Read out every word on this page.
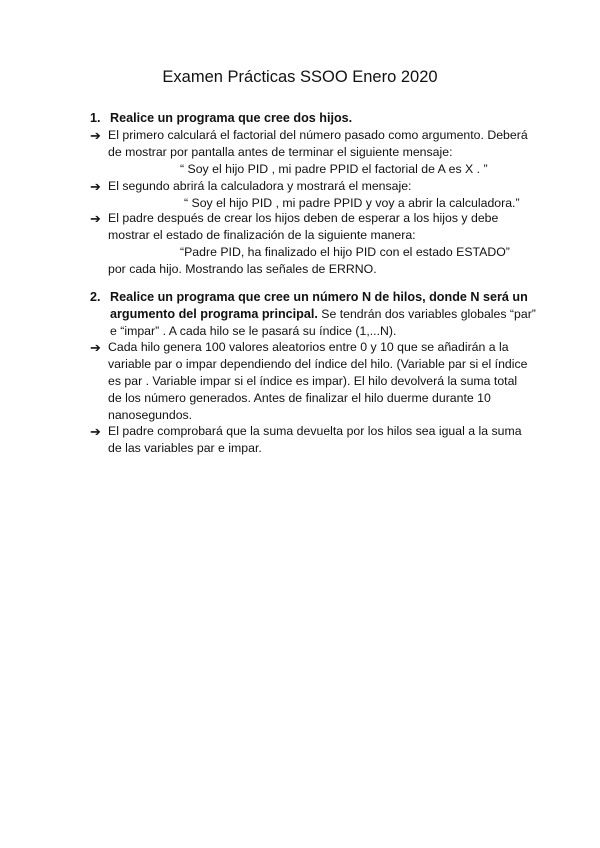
Examen Prácticas SSOO Enero 2020
1. Realice un programa que cree dos hijos.
➔ El primero calculará el factorial del número pasado como argumento. Deberá
de mostrar por pantalla antes de terminar el siguiente mensaje:
“ Soy el hijo PID , mi padre PPID el factorial de A es X . ”
➔ El segundo abrirá la calculadora y mostrará el mensaje:
“ Soy el hijo PID , mi padre PPID y voy a abrir la calculadora.”
➔ El padre después de crear los hijos deben de esperar a los hijos y debe
mostrar el estado de finalización de la siguiente manera:
“Padre PID, ha finalizado el hijo PID con el estado ESTADO”
por cada hijo. Mostrando las señales de ERRNO.
2. Realice un programa que cree un número N de hilos, donde N será un
argumento del programa principal. Se tendrán dos variables globales “par”
e “impar” . A cada hilo se le pasará su índice (1,...N).
➔ Cada hilo genera 100 valores aleatorios entre 0 y 10 que se añadirán a la
variable par o impar dependiendo del índice del hilo. (Variable par si el índice
es par . Variable impar si el índice es impar). El hilo devolverá la suma total
de los número generados. Antes de finalizar el hilo duerme durante 10
nanosegundos.
➔ El padre comprobará que la suma devuelta por los hilos sea igual a la suma
de las variables par e impar.
